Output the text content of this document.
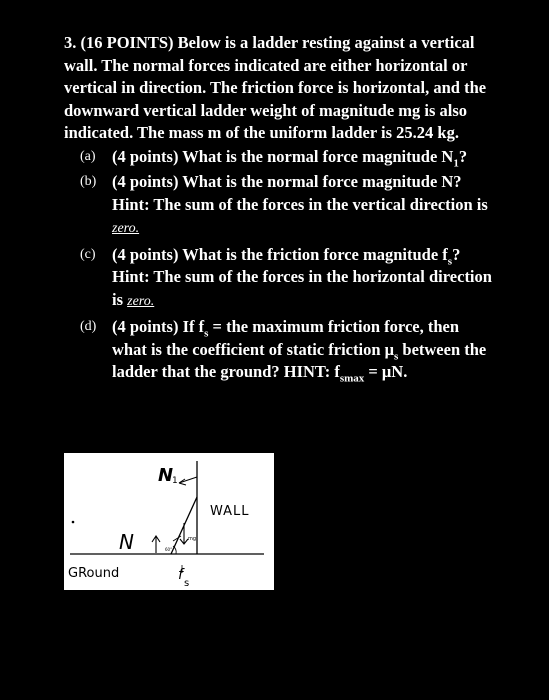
3. (16 POINTS) Below is a ladder resting against a vertical wall. The normal forces indicated are either horizontal or vertical in direction. The friction force is horizontal, and the downward vertical ladder weight of magnitude mg is also indicated. The mass m of the uniform ladder is 25.24 kg.
(a) (4 points) What is the normal force magnitude $N_1$?
(b) (4 points) What is the normal force magnitude N? Hint: The sum of the forces in the vertical direction is zero.
(c) (4 points) What is the friction force magnitude $f_s$? Hint: The sum of the forces in the horizontal direction is zero.
(d) (4 points) If $f_s$ = the maximum friction force, then what is the coefficient of static friction $\mu_s$ between the ladder that the ground? HINT: $f_{smax} = \mu N$.
N
1
WALL
N	mg
60°
GRound	f
s
